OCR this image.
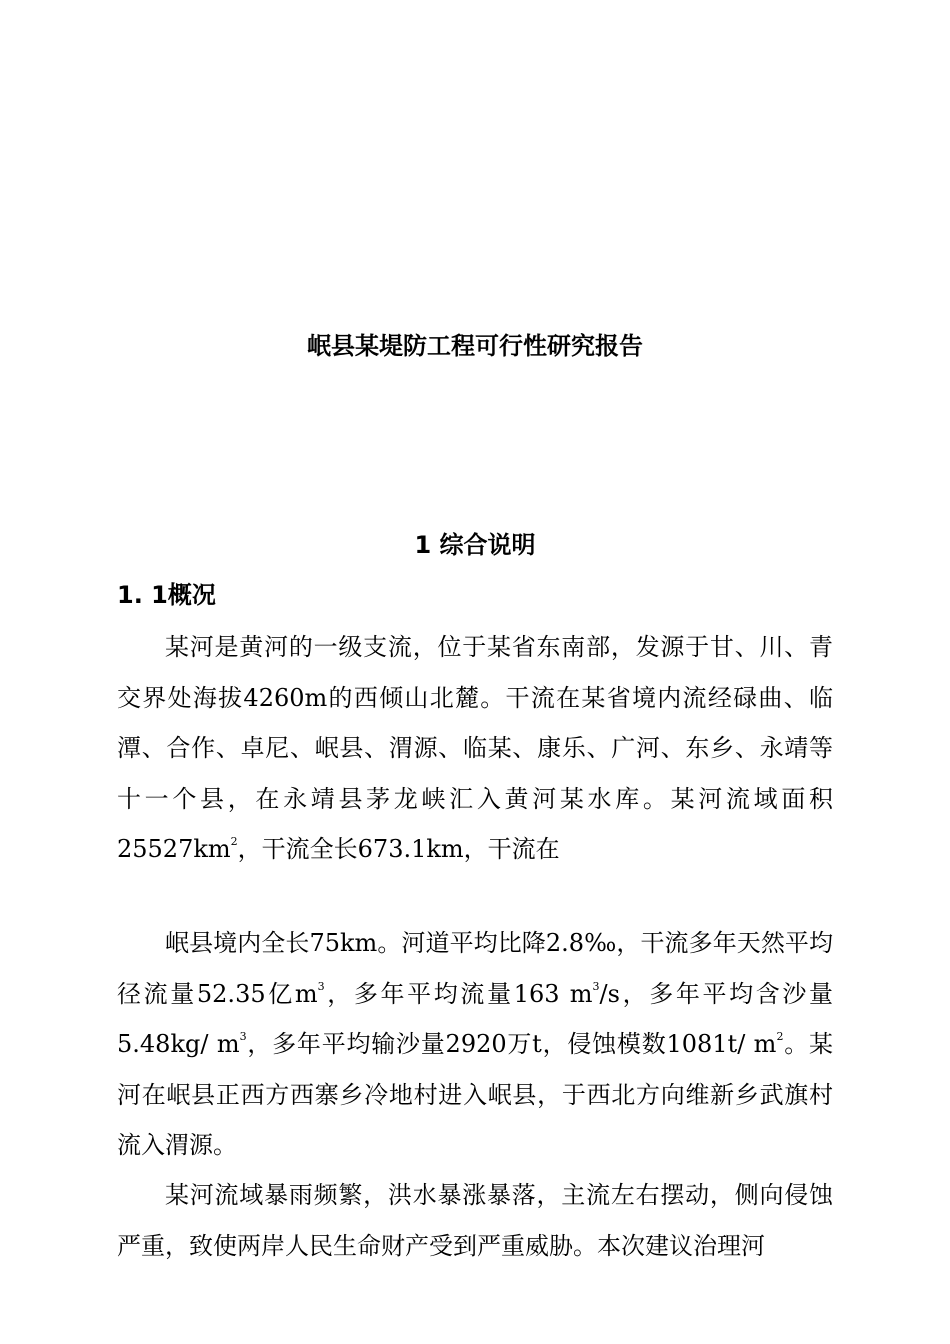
岷县某堤防工程可行性研究报告
1 综合说明
1. 1概况

某河是黄河的一级支流，位于某省东南部，发源于甘、川、青交界处海拔4260m的西倾山北麓。干流在某省境内流经碌曲、临潭、合作、卓尼、岷县、渭源、临某、康乐、广河、东乡、永靖等十一个县，在永靖县茅龙峡汇入黄河某水库。某河流域面积$25527km^2$，干流全长673.1km，干流在

岷县境内全长75km。河道平均比降2.8‰，干流多年天然平均径流量52.35亿$m^3$，多年平均流量163 $m^3/s$，多年平均含沙量5.48kg/ $m^3$，多年平均输沙量2920万t，侵蚀模数1081t/ $m^2$。某河在岷县正西方西寨乡冷地村进入岷县，于西北方向维新乡武旗村流入渭源。

某河流域暴雨频繁，洪水暴涨暴落，主流左右摆动，侧向侵蚀严重，致使两岸人民生命财产受到严重威胁。本次建议治理河
